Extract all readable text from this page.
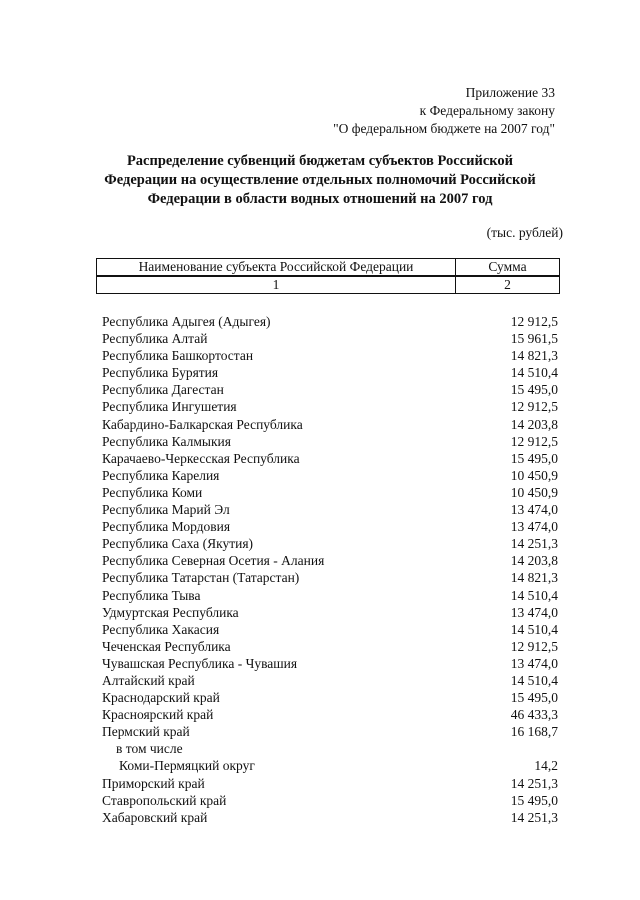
Приложение 33
к Федеральному закону
"О федеральном бюджете на 2007 год"
Распределение субвенций бюджетам субъектов Российской
Федерации на осуществление отдельных полномочий Российской
Федерации в области водных отношений на 2007 год
(тыс. рублей)
Наименование субъекта Российской Федерации	Сумма
1	2
Республика Адыгея (Адыгея)	12 912,5
Республика Алтай	15 961,5
Республика Башкортостан	14 821,3
Республика Бурятия	14 510,4
Республика Дагестан	15 495,0
Республика Ингушетия	12 912,5
Кабардино-Балкарская Республика	14 203,8
Республика Калмыкия	12 912,5
Карачаево-Черкесская Республика	15 495,0
Республика Карелия	10 450,9
Республика Коми	10 450,9
Республика Марий Эл	13 474,0
Республика Мордовия	13 474,0
Республика Саха (Якутия)	14 251,3
Республика Северная Осетия - Алания	14 203,8
Республика Татарстан (Татарстан)	14 821,3
Республика Тыва	14 510,4
Удмуртская Республика	13 474,0
Республика Хакасия	14 510,4
Чеченская Республика	12 912,5
Чувашская Республика - Чувашия	13 474,0
Алтайский край	14 510,4
Краснодарский край	15 495,0
Красноярский край	46 433,3
Пермский край	16 168,7
в том числе
Коми-Пермяцкий округ	14,2
Приморский край	14 251,3
Ставропольский край	15 495,0
Хабаровский край	14 251,3
